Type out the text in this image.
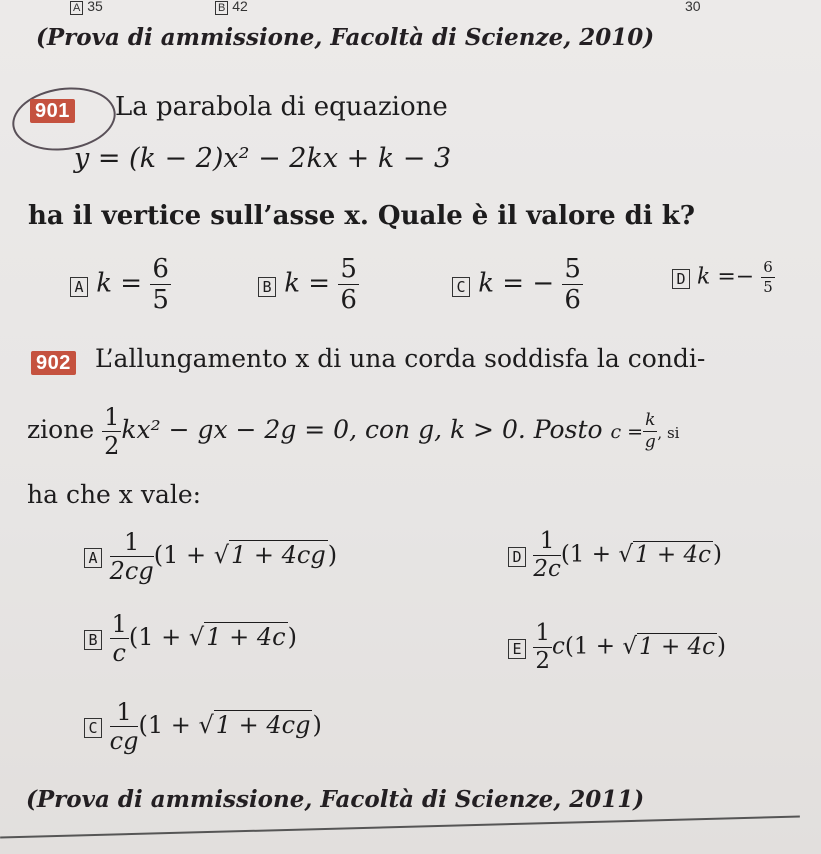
A 35	B 42	30
(Prova di ammissione, Facoltà di Scienze, 2010)
901 La parabola di equazione
y = (k − 2)x² − 2kx + k − 3
ha il vertice sull’asse x. Quale è il valore di k?
A $k = \frac{6}{5}$	B $k = \frac{5}{6}$	C k = − $\frac{5}{6}$	D $k =- \frac{6}{5}$
902 L’allungamento x di una corda soddisfa la condi-
zione $\frac{1}{2} kx^2$ − gx − 2g = 0, con g, k > 0. Posto $c = \frac{k}{g}$ , si
ha che x vale:
A $\frac{1}{2cg} (1 + √1 + 4cg)$
B $\frac{1}{c} (1 + √1 + 4c)$
C $\frac{1}{cg} (1 + √1 + 4cg)$
D $\frac{1}{2c} (1 + √1 + 4c)$
E $\frac{1}{2} c(1 + √1 + 4c)$
(Prova di ammissione, Facoltà di Scienze, 2011)
